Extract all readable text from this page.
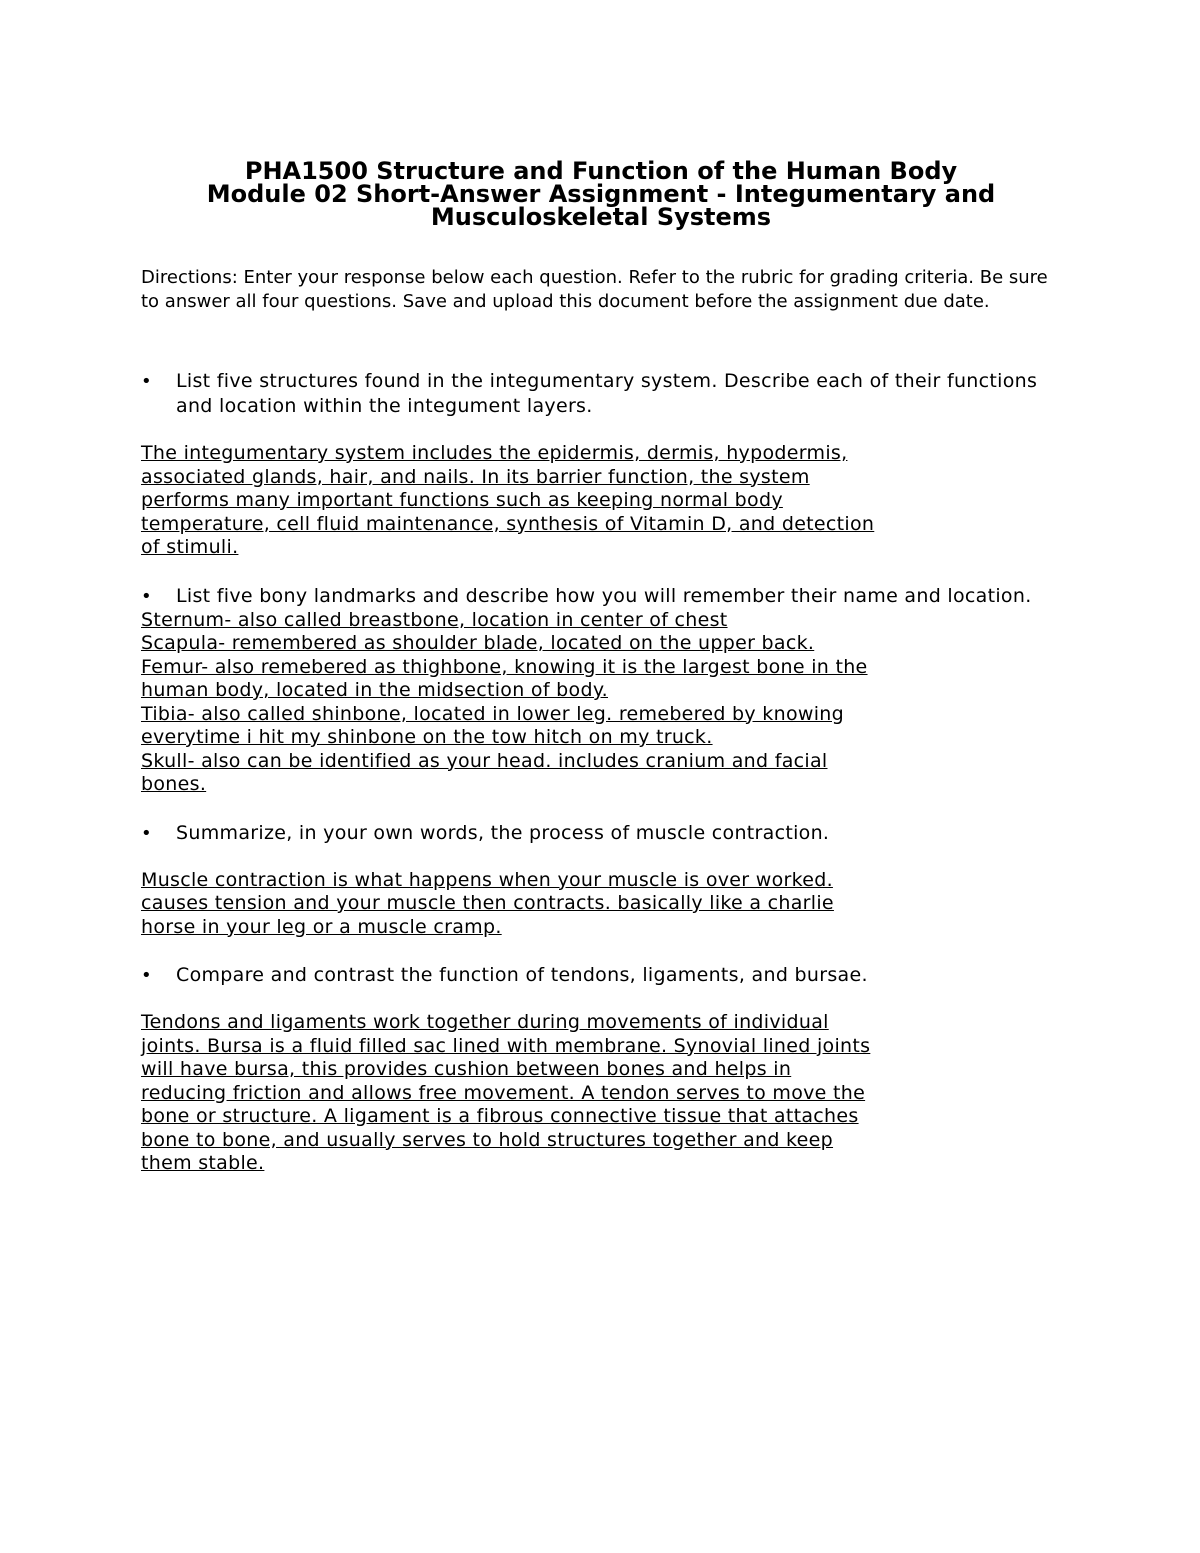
PHA1500 Structure and Function of the Human Body
Module 02 Short-Answer Assignment - Integumentary and
Musculoskeletal Systems
Directions: Enter your response below each question. Refer to the rubric for grading criteria. Be sure to answer all four questions. Save and upload this document before the assignment due date.
• List five structures found in the integumentary system. Describe each of their functions and location within the integument layers.
The integumentary system includes the epidermis, dermis, hypodermis,
associated glands, hair, and nails. In its barrier function, the system
performs many important functions such as keeping normal body
temperature, cell fluid maintenance, synthesis of Vitamin D, and detection
of stimuli.
• List five bony landmarks and describe how you will remember their name and location.
Sternum- also called breastbone, location in center of chest
Scapula- remembered as shoulder blade, located on the upper back.
Femur- also remebered as thighbone, knowing it is the largest bone in the
human body, located in the midsection of body.
Tibia- also called shinbone, located in lower leg. remebered by knowing
everytime i hit my shinbone on the tow hitch on my truck.
Skull- also can be identified as your head. includes cranium and facial
bones.
• Summarize, in your own words, the process of muscle contraction.
Muscle contraction is what happens when your muscle is over worked.
causes tension and your muscle then contracts. basically like a charlie
horse in your leg or a muscle cramp.
• Compare and contrast the function of tendons, ligaments, and bursae.
Tendons and ligaments work together during movements of individual
joints. Bursa is a fluid filled sac lined with membrane. Synovial lined joints
will have bursa, this provides cushion between bones and helps in
reducing friction and allows free movement. A tendon serves to move the
bone or structure. A ligament is a fibrous connective tissue that attaches
bone to bone, and usually serves to hold structures together and keep
them stable.
